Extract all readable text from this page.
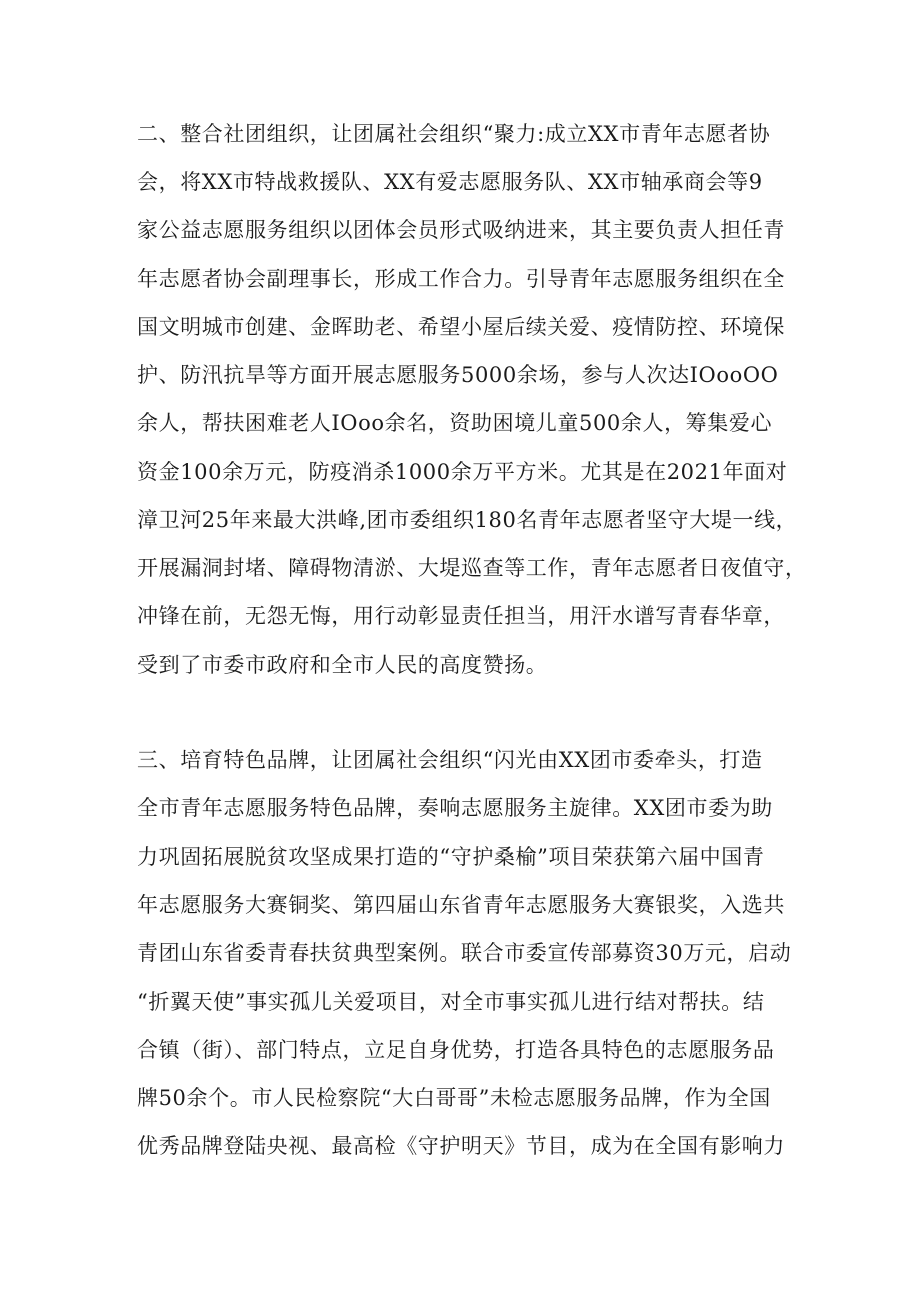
二、整合社团组织，让团属社会组织“聚力:成立XX市青年志愿者协
会，将XX市特战救援队、XX有爱志愿服务队、XX市轴承商会等9
家公益志愿服务组织以团体会员形式吸纳进来，其主要负责人担任青
年志愿者协会副理事长，形成工作合力。引导青年志愿服务组织在全
国文明城市创建、金晖助老、希望小屋后续关爱、疫情防控、环境保
护、防汛抗旱等方面开展志愿服务5000余场，参与人次达IOooOO
余人，帮扶困难老人IOoo余名，资助困境儿童500余人，筹集爱心
资金100余万元，防疫消杀1000余万平方米。尤其是在2021年面对
漳卫河25年来最大洪峰,团市委组织180名青年志愿者坚守大堤一线，
开展漏洞封堵、障碍物清淤、大堤巡查等工作，青年志愿者日夜值守，
冲锋在前，无怨无悔，用行动彰显责任担当，用汗水谱写青春华章，
受到了市委市政府和全市人民的高度赞扬。
三、培育特色品牌，让团属社会组织“闪光由XX团市委牵头，打造
全市青年志愿服务特色品牌，奏响志愿服务主旋律。XX团市委为助
力巩固拓展脱贫攻坚成果打造的“守护桑榆”项目荣获第六届中国青
年志愿服务大赛铜奖、第四届山东省青年志愿服务大赛银奖，入选共
青团山东省委青春扶贫典型案例。联合市委宣传部募资30万元，启动
“折翼天使”事实孤儿关爱项目，对全市事实孤儿进行结对帮扶。结
合镇（街）、部门特点，立足自身优势，打造各具特色的志愿服务品
牌50余个。市人民检察院“大白哥哥”未检志愿服务品牌，作为全国
优秀品牌登陆央视、最高检《守护明天》节目，成为在全国有影响力
